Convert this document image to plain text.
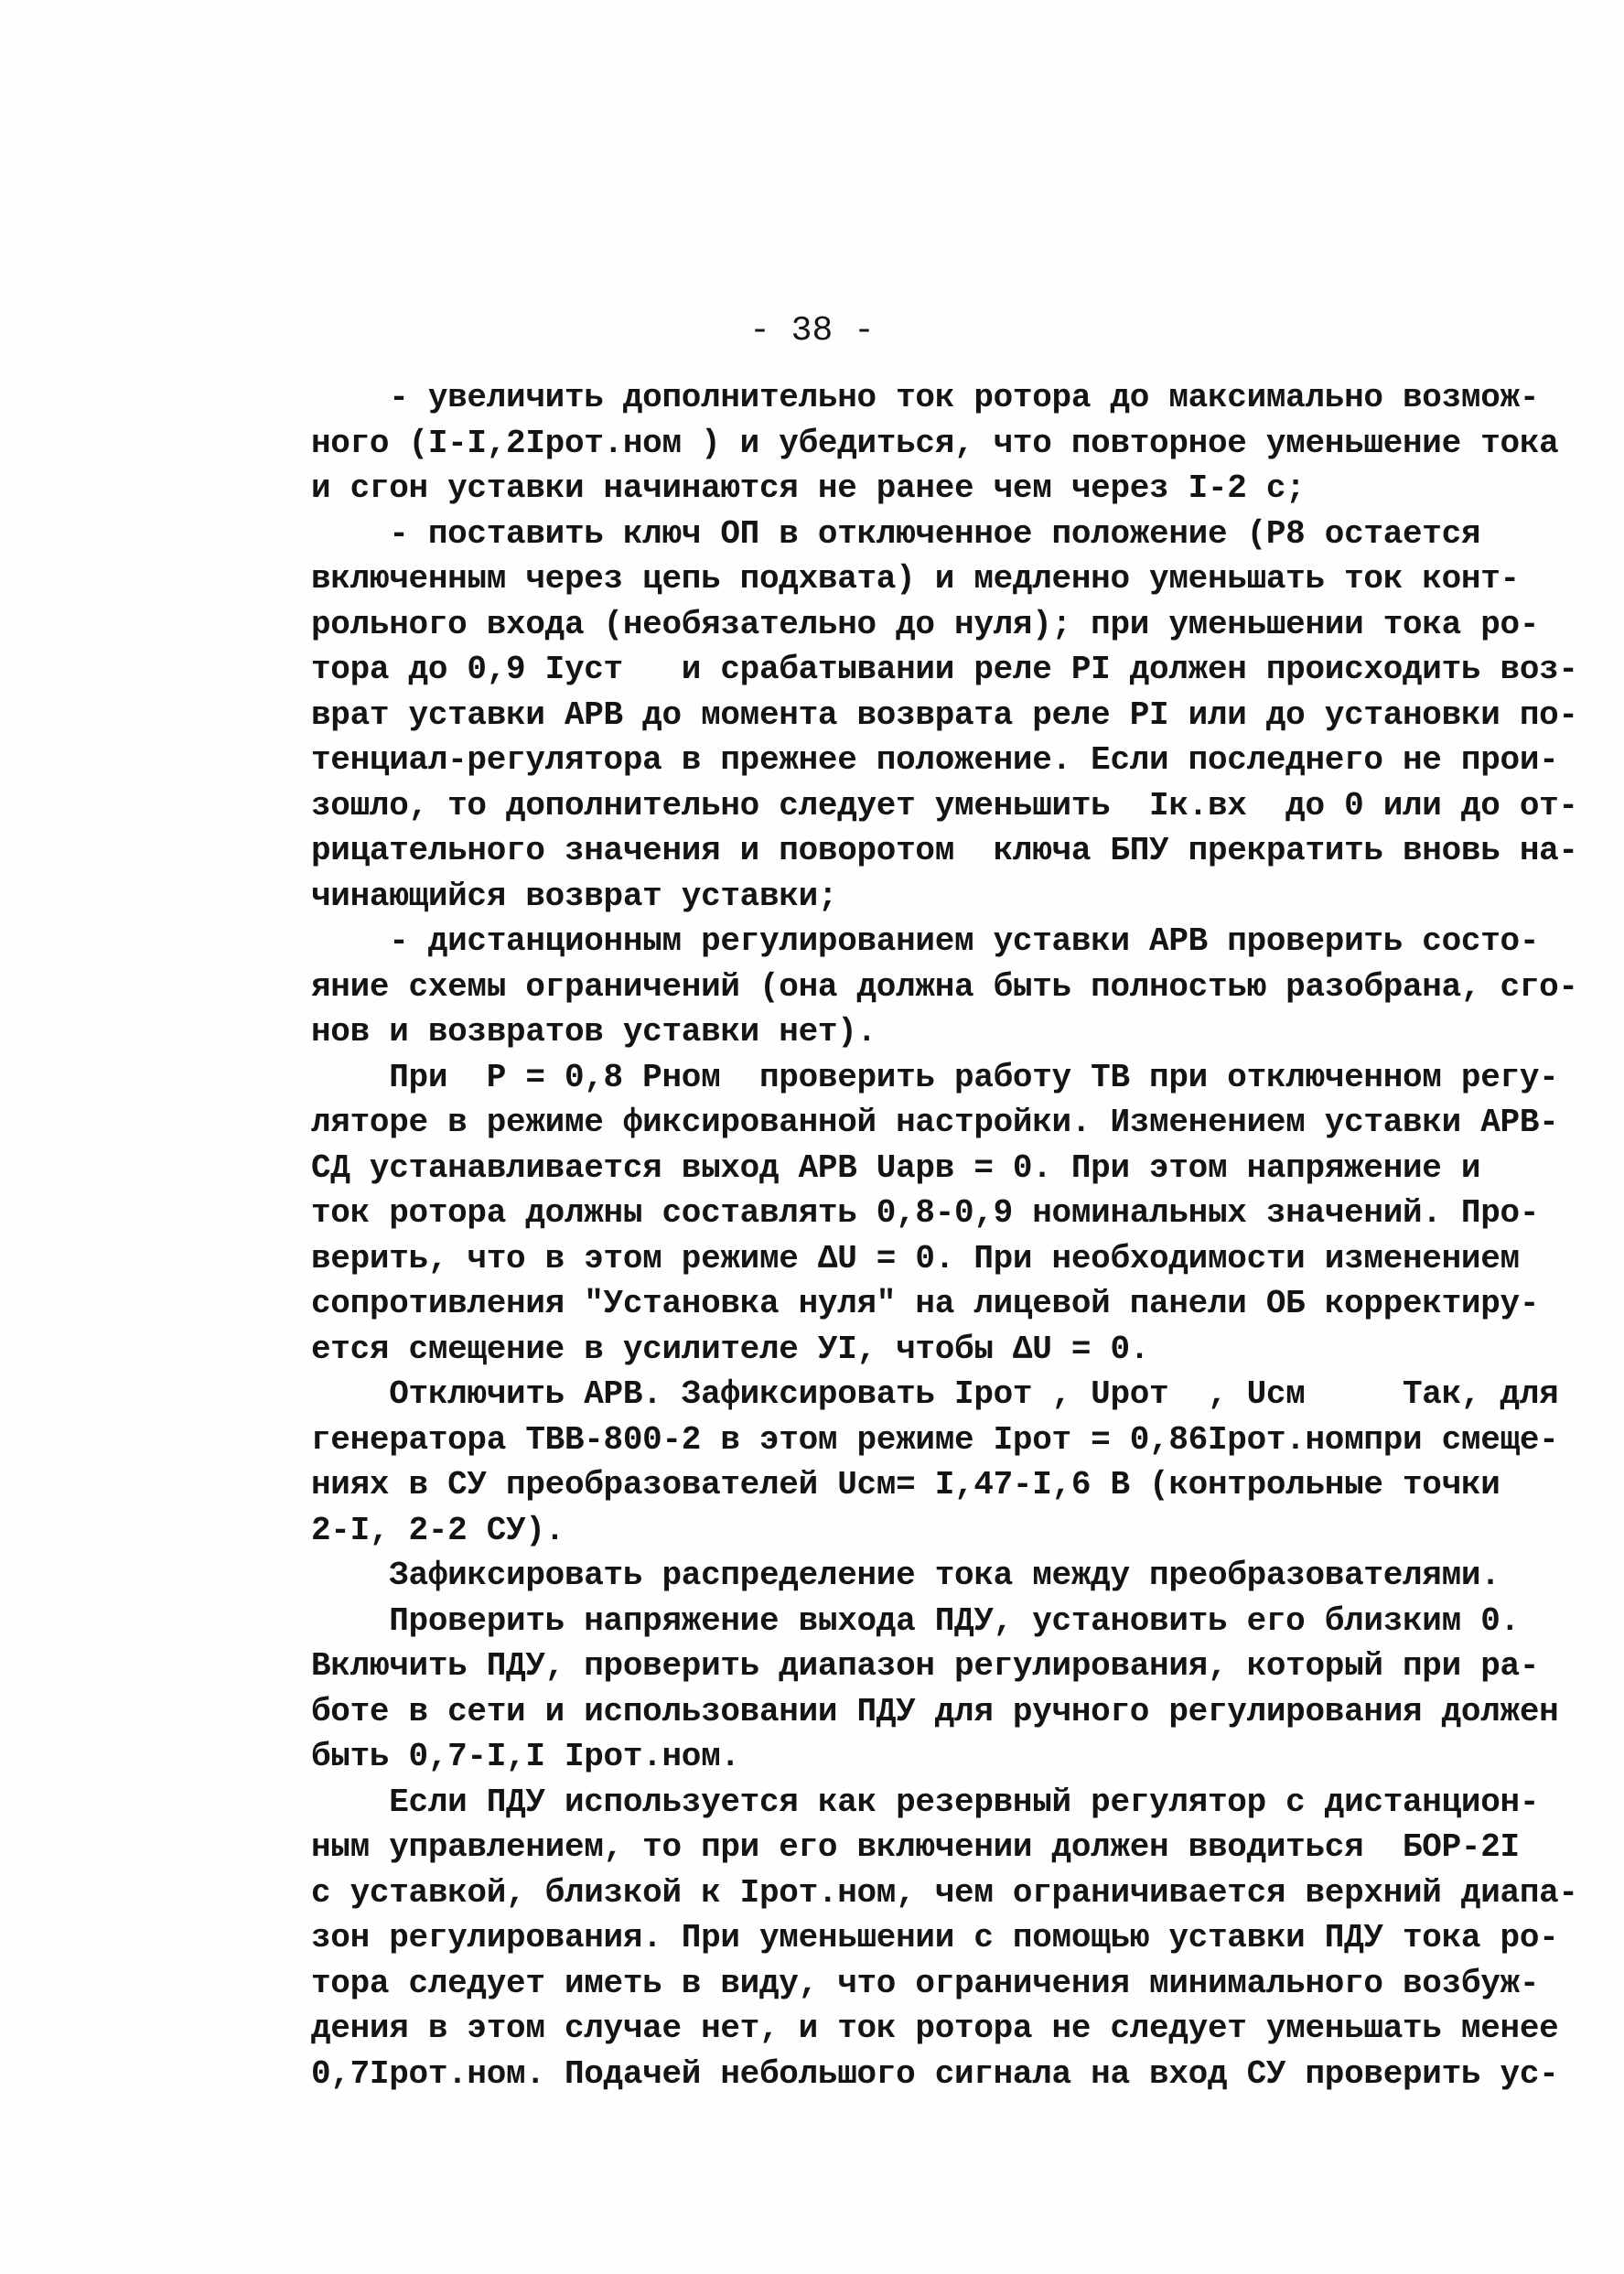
- 38 -
- увеличить дополнительно ток ротора до максимально возмож-
ного (I-I,2Iрот.ном ) и убедиться, что повторное уменьшение тока
и сгон уставки начинаются не ранее чем через I-2 с;
- поставить ключ ОП в отключенное положение (Р8 остается
включенным через цепь подхвата) и медленно уменьшать ток конт-
рольного входа (необязательно до нуля); при уменьшении тока ро-
тора до 0,9 Iуст   и срабатывании реле PI должен происходить воз-
врат уставки АРВ до момента возврата реле PI или до установки по-
тенциал-регулятора в прежнее положение. Если последнего не прои-
зошло, то дополнительно следует уменьшить  Iк.вх  до 0 или до от-
рицательного значения и поворотом  ключа БПУ прекратить вновь на-
чинающийся возврат уставки;
- дистанционным регулированием уставки АРВ проверить состо-
яние схемы ограничений (она должна быть полностью разобрана, сго-
нов и возвратов уставки нет).
При  P = 0,8 Pном  проверить работу ТВ при отключенном регу-
ляторе в режиме фиксированной настройки. Изменением уставки АРВ-
СД устанавливается выход АРВ Uарв = 0. При этом напряжение и
ток ротора должны составлять 0,8-0,9 номинальных значений. Про-
верить, что в этом режиме ΔU = 0. При необходимости изменением
сопротивления "Установка нуля" на лицевой панели ОБ корректиру-
ется смещение в усилителе УI, чтобы ΔU = 0.
Отключить АРВ. Зафиксировать Iрот , Uрот  , Uсм     Так, для
генератора ТВВ-800-2 в этом режиме Iрот = 0,86Iрот.номпри смеще-
ниях в СУ преобразователей Uсм= I,47-I,6 В (контрольные точки
2-I, 2-2 СУ).
Зафиксировать распределение тока между преобразователями.
Проверить напряжение выхода ПДУ, установить его близким 0.
Включить ПДУ, проверить диапазон регулирования, который при ра-
боте в сети и использовании ПДУ для ручного регулирования должен
быть 0,7-I,I Iрот.ном.
Если ПДУ используется как резервный регулятор с дистанцион-
ным управлением, то при его включении должен вводиться  БОР-2I
с уставкой, близкой к Iрот.ном, чем ограничивается верхний диапа-
зон регулирования. При уменьшении с помощью уставки ПДУ тока ро-
тора следует иметь в виду, что ограничения минимального возбуж-
дения в этом случае нет, и ток ротора не следует уменьшать менее
0,7Iрот.ном. Подачей небольшого сигнала на вход СУ проверить ус-
